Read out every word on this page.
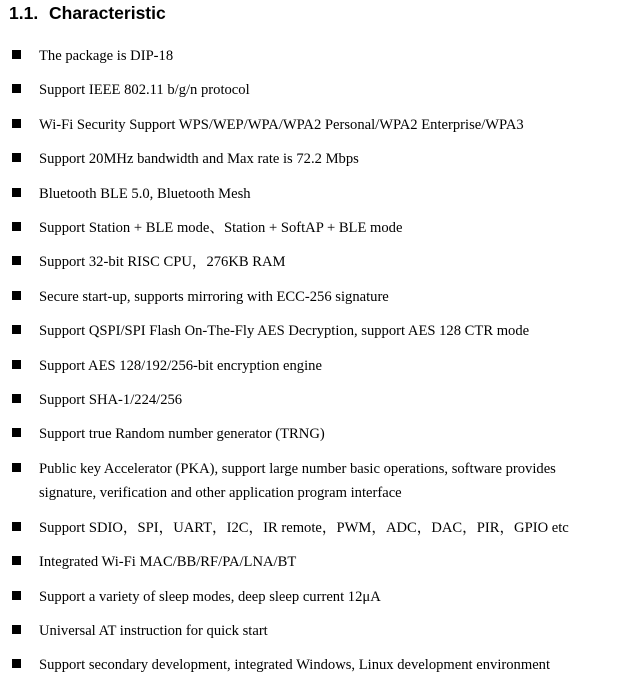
1.1. Characteristic
The package is DIP-18
Support IEEE 802.11 b/g/n protocol
Wi-Fi Security Support WPS/WEP/WPA/WPA2 Personal/WPA2 Enterprise/WPA3
Support 20MHz bandwidth and Max rate is 72.2 Mbps
Bluetooth BLE 5.0, Bluetooth Mesh
Support Station + BLE mode、Station + SoftAP + BLE mode
Support 32-bit RISC CPU，276KB RAM
Secure start-up, supports mirroring with ECC-256 signature
Support QSPI/SPI Flash On-The-Fly AES Decryption, support AES 128 CTR mode
Support AES 128/192/256-bit encryption engine
Support SHA-1/224/256
Support true Random number generator (TRNG)
Public key Accelerator (PKA), support large number basic operations, software provides
signature, verification and other application program interface
Support SDIO，SPI，UART，I2C，IR remote，PWM，ADC，DAC，PIR，GPIO etc
Integrated Wi-Fi MAC/BB/RF/PA/LNA/BT
Support a variety of sleep modes, deep sleep current 12μA
Universal AT instruction for quick start
Support secondary development, integrated Windows, Linux development environment
